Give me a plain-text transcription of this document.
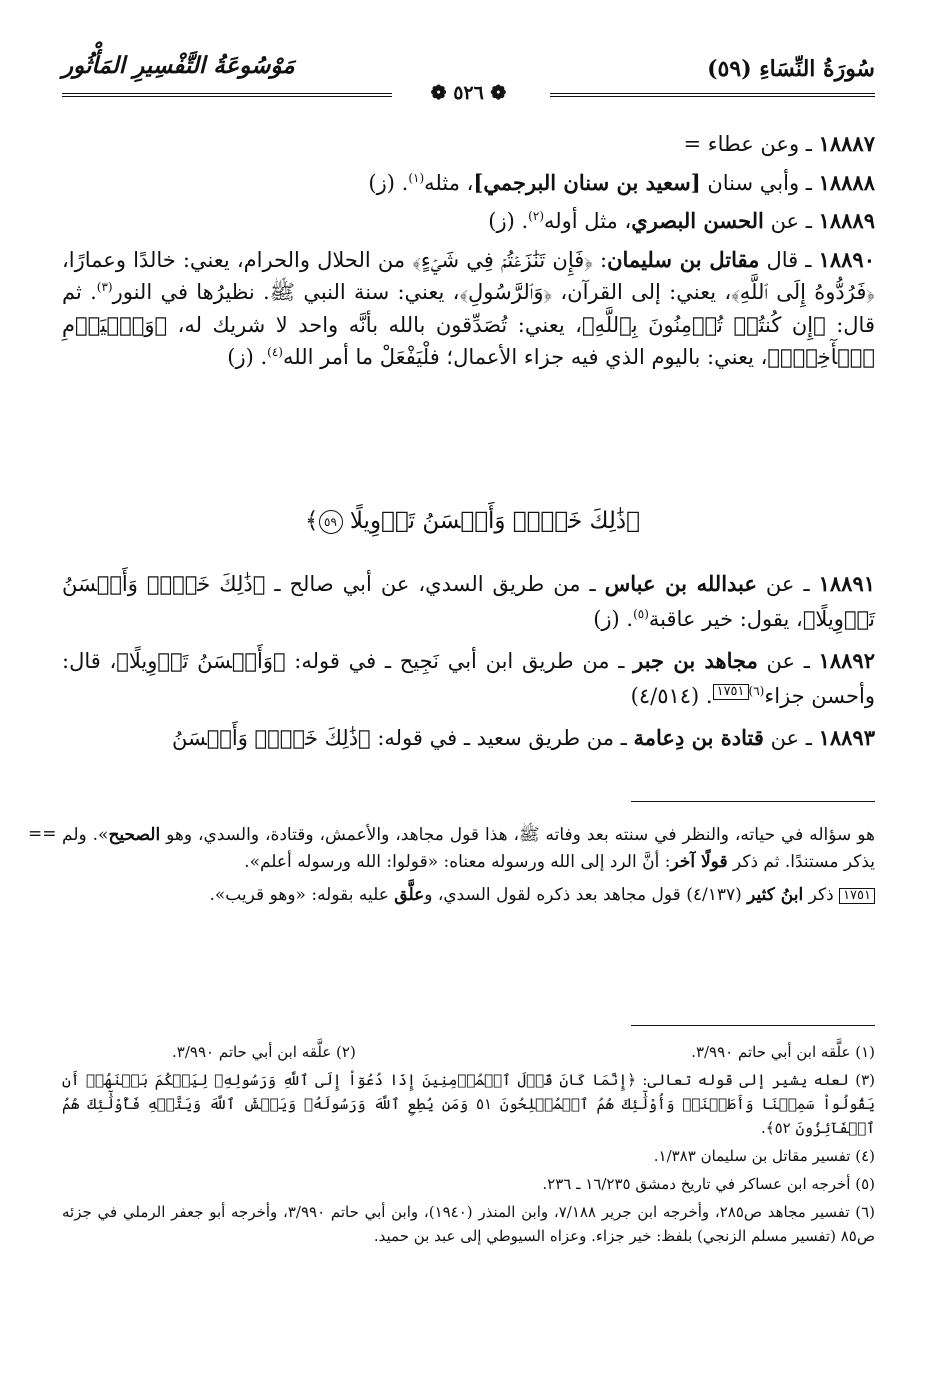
سُورَةُ النِّسَاءِ (٥٩)
مَوْسُوعَةُ التَّفْسِيرِ المَأْثُور
❁ ٥٢٦ ❁
١٨٨٨٧ ـ وعن عطاء =
١٨٨٨٨ ـ وأبي سنان [سعيد بن سنان البرجمي]، مثله$^{(١)}$. (ز)
١٨٨٨٩ ـ عن الحسن البصري، مثل أوله$^{(٢)}$. (ز)
١٨٨٩٠ ـ قال مقاتل بن سليمان: ﴿فَإِن تَنَٰزَعۡتُمۡ فِي شَيۡءٍ﴾ من الحلال والحرام، يعني: خالدًا وعمارًا، ﴿فَرُدُّوهُ إِلَى ٱللَّهِ﴾، يعني: إلى القرآن، ﴿وَٱلرَّسُولِ﴾، يعني: سنة النبي ﷺ. نظيرُها في النور$^{(٣)}$. ثم قال: ﴿إِن كُنتُمۡ تُؤۡمِنُونَ بِٱللَّهِ﴾، يعني: تُصَدِّقون بالله بأنَّه واحد لا شريك له، ﴿وَٱلۡيَوۡمِ ٱلۡأٓخِرِۚ﴾، يعني: باليوم الذي فيه جزاء الأعمال؛ فلْيَفْعَلْ ما أمر الله$^{(٤)}$. (ز)
﴿ذَٰلِكَ خَيۡرٞ وَأَحۡسَنُ تَأۡوِيلًا ٥٩﴾
١٨٨٩١ ـ عن عبدالله بن عباس ـ من طريق السدي، عن أبي صالح ـ ﴿ذَٰلِكَ خَيۡرٞ وَأَحۡسَنُ تَأۡوِيلًا﴾، يقول: خير عاقبة$^{(٥)}$. (ز)
١٨٨٩٢ ـ عن مجاهد بن جبر ـ من طريق ابن أبي نَجِيح ـ في قوله: ﴿وَأَحۡسَنُ تَأۡوِيلًا﴾، قال: وأحسن جزاء$^{(٦)}$١٧٥١. (٤/٥١٤)
١٨٨٩٣ ـ عن قتادة بن دِعامة ـ من طريق سعيد ـ في قوله: ﴿ذَٰلِكَ خَيۡرٞ وَأَحۡسَنُ
==	هو سؤاله في حياته، والنظر في سنته بعد وفاته ﷺ، هذا قول مجاهد، والأعمش، وقتادة، والسدي، وهو الصحيح». ولم يذكر مستندًا. ثم ذكر قولًا آخر: أنَّ الرد إلى الله ورسوله معناه: «قولوا: الله ورسوله أعلم».
١٧٥١ ذكر ابنُ كثير (٤/١٣٧) قول مجاهد بعد ذكره لقول السدي، وعلَّق عليه بقوله: «وهو قريب».
(١) علَّقه ابن أبي حاتم ٣/٩٩٠.
(٢) علَّقه ابن أبي حاتم ٣/٩٩٠.
(٣) لعله يشير إلى قوله تعالى: ﴿إِنَّمَا كَانَ قَوۡلَ ٱلۡمُؤۡمِنِينَ إِذَا دُعُوٓاْ إِلَى ٱللَّهِ وَرَسُولِهِۦ لِيَحۡكُمَ بَيۡنَهُمۡ أَن يَقُولُواْ سَمِعۡنَا وَأَطَعۡنَاۚ وَأُوْلَٰٓئِكَ هُمُ ٱلۡمُفۡلِحُونَ ٥١ وَمَن يُطِعِ ٱللَّهَ وَرَسُولَهُۥ وَيَخۡشَ ٱللَّهَ وَيَتَّقۡهِ فَأُوْلَٰٓئِكَ هُمُ ٱلۡفَآئِزُونَ ٥٢﴾.
(٤) تفسير مقاتل بن سليمان ١/٣٨٣.
(٥) أخرجه ابن عساكر في تاريخ دمشق ١٦/٢٣٥ ـ ٢٣٦.
(٦) تفسير مجاهد ص٢٨٥، وأخرجه ابن جرير ٧/١٨٨، وابن المنذر (١٩٤٠)، وابن أبي حاتم ٣/٩٩٠، وأخرجه أبو جعفر الرملي في جزئه ص٨٥ (تفسير مسلم الزنجي) بلفظ: خير جزاء. وعزاه السيوطي إلى عبد بن حميد.
